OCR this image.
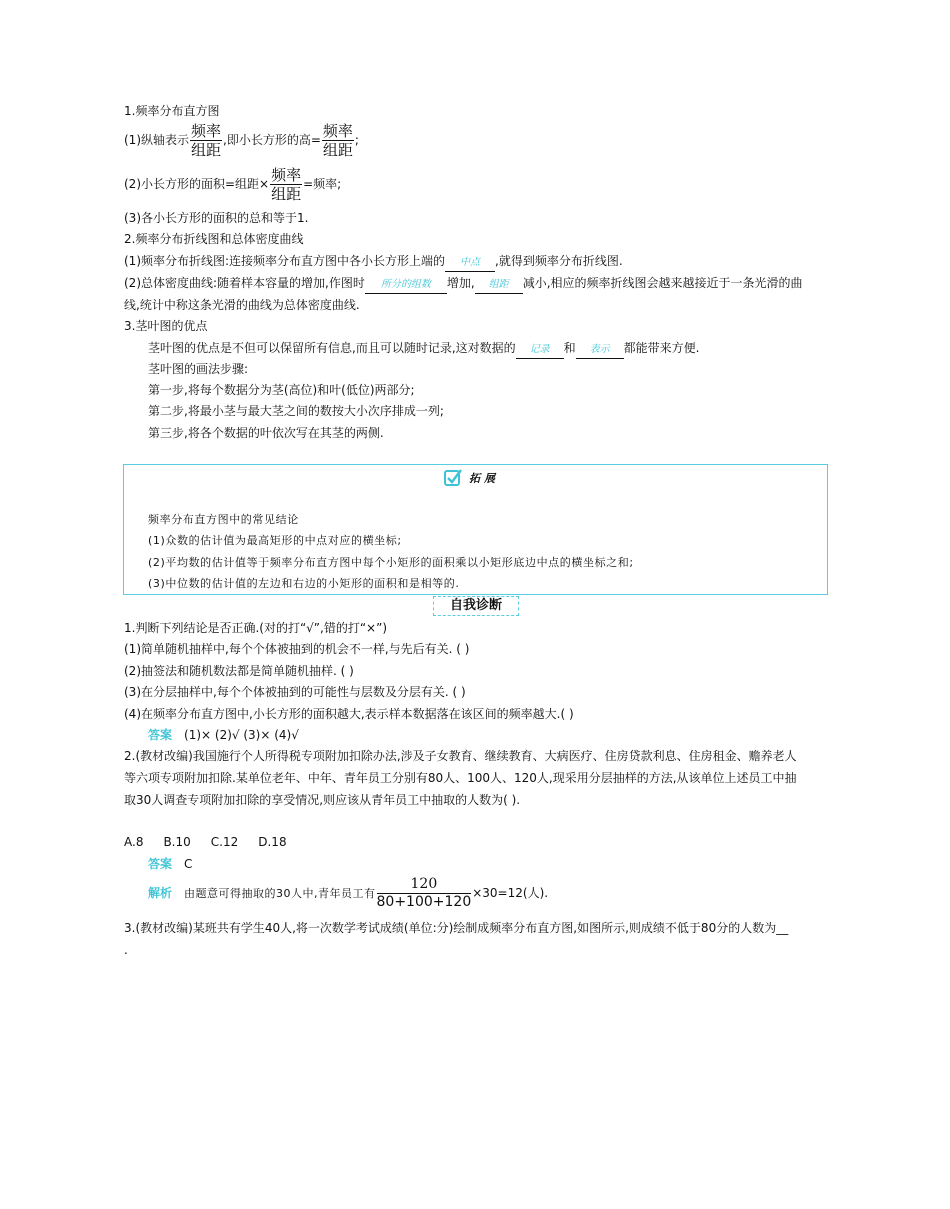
1.频率分布直方图
(1)纵轴表示 $\frac{\text{频率}}{\text{组距}}$ ,即小长方形的高= $\frac{\text{频率}}{\text{组距}}$ ;
(2)小长方形的面积=组距× $\frac{\text{频率}}{\text{组距}}$ =频率;
(3)各小长方形的面积的总和等于1.
2.频率分布折线图和总体密度曲线
(1)频率分布折线图:连接频率分布直方图中各小长方形上端的 中点 ,就得到频率分布折线图.
(2)总体密度曲线:随着样本容量的增加,作图时 所分的组数 增加, 组距 减小,相应的频率折线图会越来越接近于一条光滑的曲
线,统计中称这条光滑的曲线为总体密度曲线.
3.茎叶图的优点
茎叶图的优点是不但可以保留所有信息,而且可以随时记录,这对数据的 记录 和 表示 都能带来方便.
茎叶图的画法步骤:
第一步,将每个数据分为茎(高位)和叶(低位)两部分;
第二步,将最小茎与最大茎之间的数按大小次序排成一列;
第三步,将各个数据的叶依次写在其茎的两侧.
拓展
频率分布直方图中的常见结论
(1)众数的估计值为最高矩形的中点对应的横坐标;
(2)平均数的估计值等于频率分布直方图中每个小矩形的面积乘以小矩形底边中点的横坐标之和;
(3)中位数的估计值的左边和右边的小矩形的面积和是相等的.
自我诊断
1.判断下列结论是否正确.(对的打“√”,错的打“×”)
(1)简单随机抽样中,每个个体被抽到的机会不一样,与先后有关. ( )
(2)抽签法和随机数法都是简单随机抽样. ( )
(3)在分层抽样中,每个个体被抽到的可能性与层数及分层有关. ( )
(4)在频率分布直方图中,小长方形的面积越大,表示样本数据落在该区间的频率越大.( )
答案 (1)× (2)√ (3)× (4)√
2.(教材改编)我国施行个人所得税专项附加扣除办法,涉及子女教育、继续教育、大病医疗、住房贷款利息、住房租金、赡养老人
等六项专项附加扣除.某单位老年、中年、青年员工分别有80人、100人、120人,现采用分层抽样的方法,从该单位上述员工中抽
取30人调查专项附加扣除的享受情况,则应该从青年员工中抽取的人数为( ).
A.8 B.10 C.12 D.18
答案 C
解析 由题意可得抽取的30人中,青年员工有 $\frac{120}{80+100+120} \times 30=12$(人).
3.(教材改编)某班共有学生40人,将一次数学考试成绩(单位:分)绘制成频率分布直方图,如图所示,则成绩不低于80分的人数为__
.
